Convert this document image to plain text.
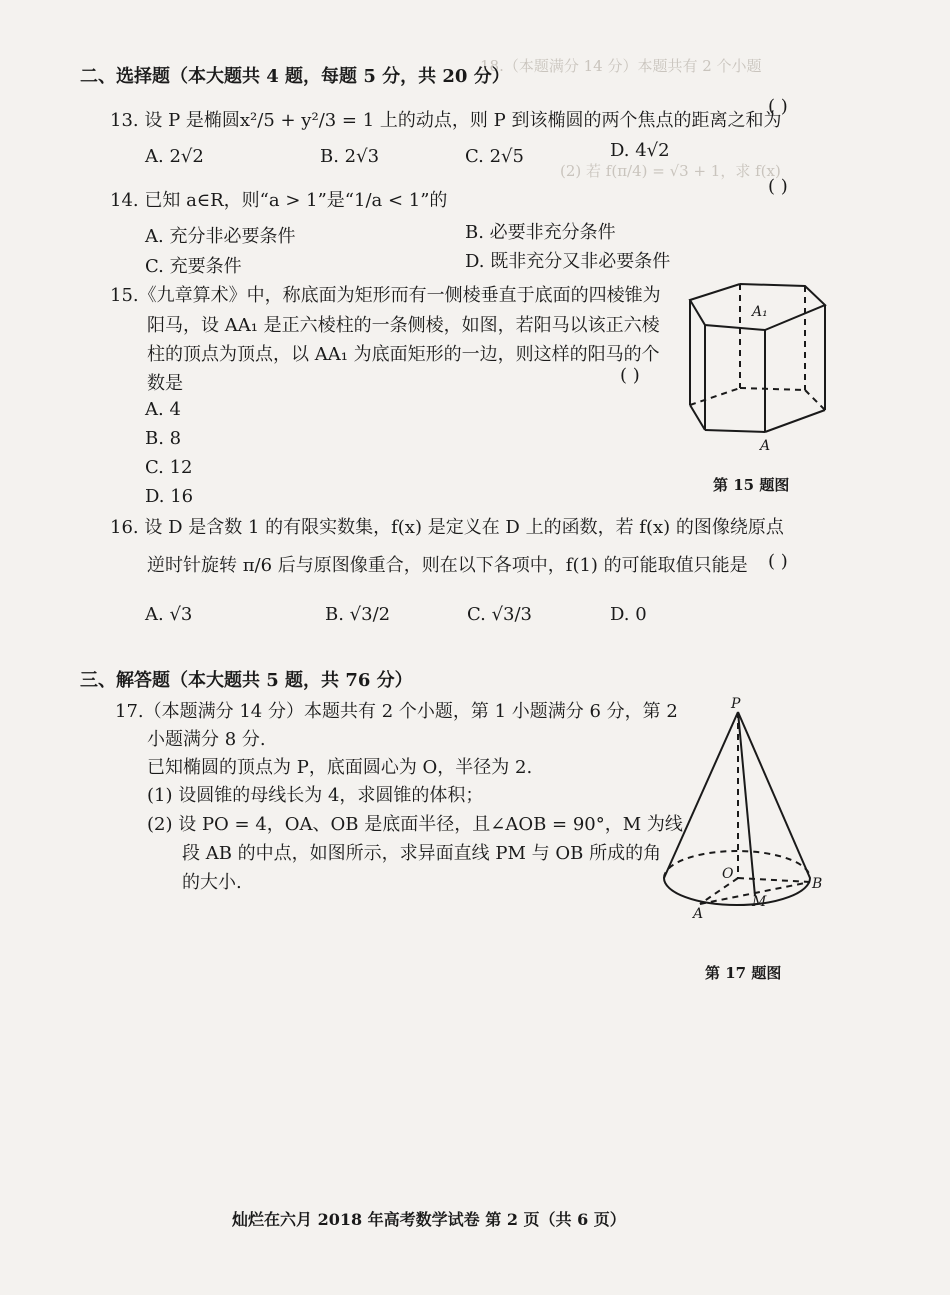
18.（本题满分 14 分）本题共有 2 个小题
(2) 若 f(π/4) = √3 + 1，求 f(x)
二、选择题（本大题共 4 题，每题 5 分，共 20 分）
13. 设 P 是椭圆x²/5 + y²/3 = 1 上的动点，则 P 到该椭圆的两个焦点的距离之和为
( )
A. 2√2	B. 2√3	C. 2√5	D. 4√2
14. 已知 a∈R，则“a > 1”是“1/a < 1”的
( )
A. 充分非必要条件	B. 必要非充分条件
C. 充要条件	D. 既非充分又非必要条件
15.《九章算术》中，称底面为矩形而有一侧棱垂直于底面的四棱锥为
阳马，设 AA₁ 是正六棱柱的一条侧棱，如图，若阳马以该正六棱
柱的顶点为顶点，以 AA₁ 为底面矩形的一边，则这样的阳马的个
数是	( )
A. 4
B. 8
C. 12
D. 16
A₁
A
第 15 题图
16. 设 D 是含数 1 的有限实数集，f(x) 是定义在 D 上的函数，若 f(x) 的图像绕原点
逆时针旋转 π/6 后与原图像重合，则在以下各项中，f(1) 的可能取值只能是 ( )
A. √3	B. √3/2	C. √3/3	D. 0
三、解答题（本大题共 5 题，共 76 分）
17.（本题满分 14 分）本题共有 2 个小题，第 1 小题满分 6 分，第 2
小题满分 8 分.
已知椭圆的顶点为 P，底面圆心为 O，半径为 2.
(1) 设圆锥的母线长为 4，求圆锥的体积；
(2) 设 PO = 4，OA、OB 是底面半径，且∠AOB = 90°，M 为线
段 AB 的中点，如图所示，求异面直线 PM 与 OB 所成的角
的大小.
P
O
B
A
M
第 17 题图
灿烂在六月 2018 年高考数学试卷 第 2 页（共 6 页）
